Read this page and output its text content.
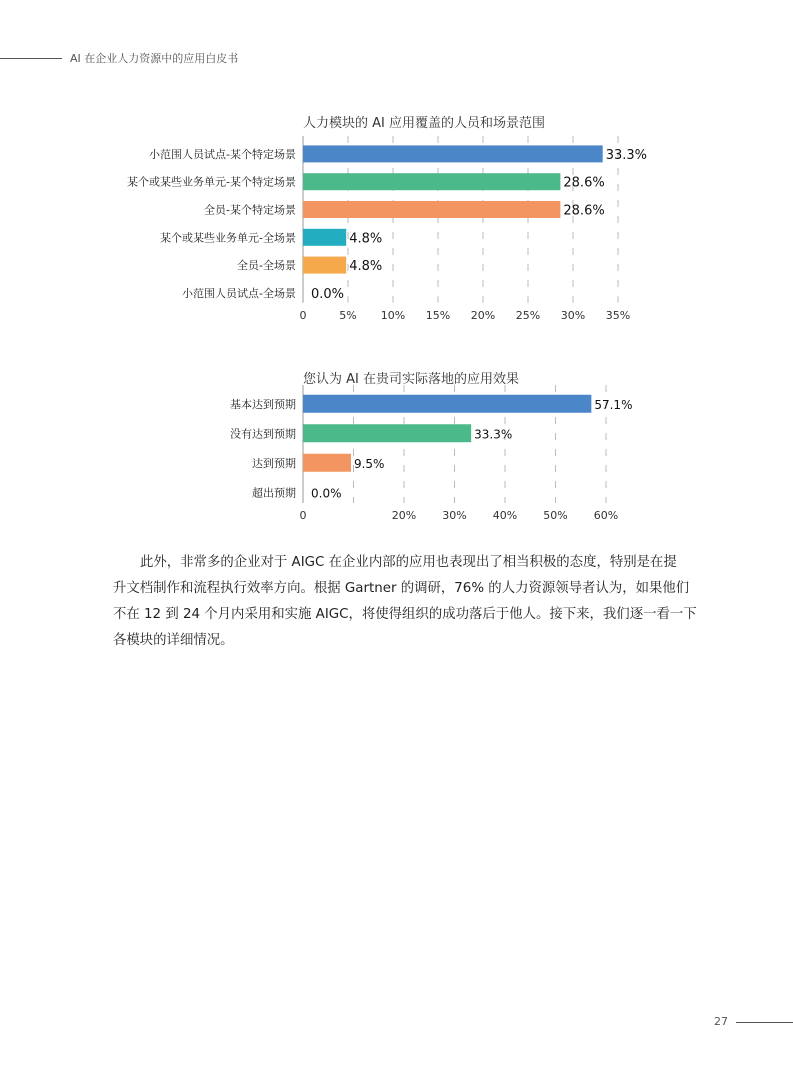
AI 在企业人力资源中的应用白皮书
人力模块的 AI 应用覆盖的人员和场景范围
0	5% 10% 15% 20% 25% 30% 35%
小范围人员试点-某个特定场景	33.3%
某个或某些业务单元-某个特定场景	28.6%
全员-某个特定场景	28.6%
某个或某些业务单元-全场景	4.8%
全员-全场景	4.8%
小范围人员试点-全场景 0.0%
您认为 AI 在贵司实际落地的应用效果
0	20% 30% 40% 50% 60%
基本达到预期	57.1%
没有达到预期	33.3%
达到预期	9.5%
超出预期 0.0%
此外，非常多的企业对于 AIGC 在企业内部的应用也表现出了相当积极的态度，特别是在提
升文档制作和流程执行效率方向。根据 Gartner 的调研，76% 的人力资源领导者认为，如果他们
不在 12 到 24 个月内采用和实施 AIGC，将使得组织的成功落后于他人。接下来，我们逐一看一下
各模块的详细情况。
27
